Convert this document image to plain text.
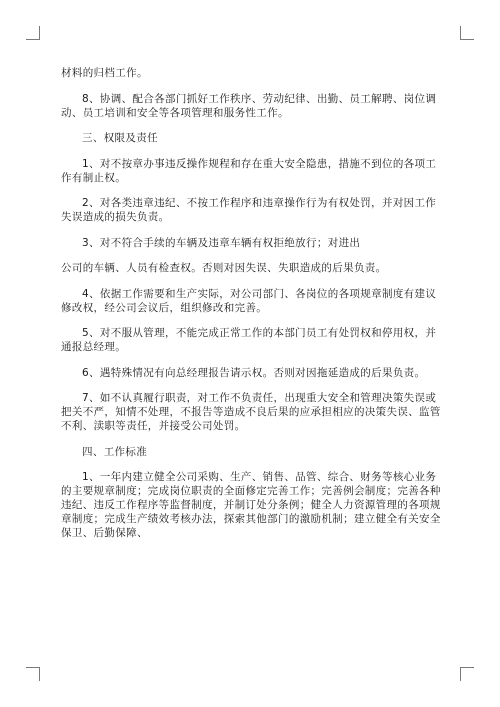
材料的归档工作。

8、协调、配合各部门抓好工作秩序、劳动纪律、出勤、员工解聘、岗位调动、员工培训和安全等各项管理和服务性工作。

三、权限及责任

1、对不按章办事违反操作规程和存在重大安全隐患，措施不到位的各项工作有制止权。

2、对各类违章违纪、不按工作程序和违章操作行为有权处罚，并对因工作失误造成的损失负责。

3、对不符合手续的车辆及违章车辆有权拒绝放行；对进出

公司的车辆、人员有检查权。否则对因失误、失职造成的后果负责。

4、依据工作需要和生产实际，对公司部门、各岗位的各项规章制度有建议修改权，经公司会议后，组织修改和完善。

5、对不服从管理，不能完成正常工作的本部门员工有处罚权和停用权，并通报总经理。

6、遇特殊情况有向总经理报告请示权。否则对因拖延造成的后果负责。

7、如不认真履行职责，对工作不负责任，出现重大安全和管理决策失误或把关不严，知情不处理，不报告等造成不良后果的应承担相应的决策失误、监管不利、渎职等责任，并接受公司处罚。

四、工作标准

1、一年内建立健全公司采购、生产、销售、品管、综合、财务等核心业务的主要规章制度；完成岗位职责的全面修定完善工作；完善例会制度；完善各种违纪、违反工作程序等监督制度，并制订处分条例；健全人力资源管理的各项规章制度；完成生产绩效考核办法，探索其他部门的激励机制；建立健全有关安全保卫、后勤保障、
